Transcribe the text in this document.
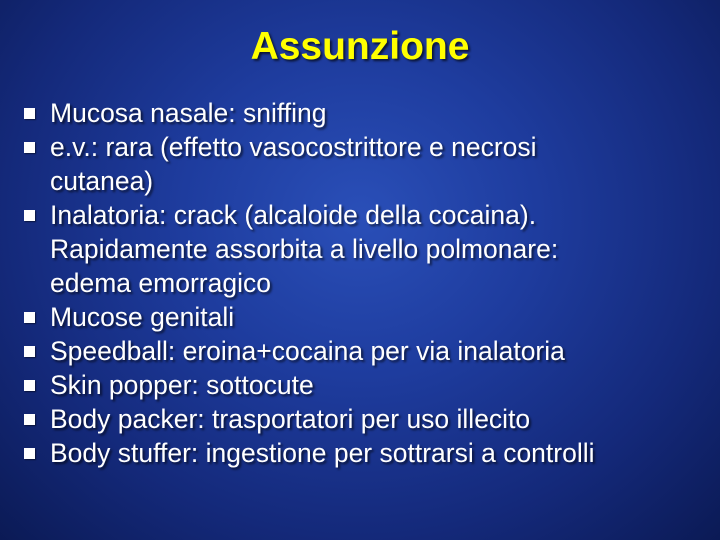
Assunzione
Mucosa nasale: sniffing
e.v.: rara (effetto vasocostrittore e necrosi
cutanea)
Inalatoria: crack (alcaloide della cocaina).
Rapidamente assorbita a livello polmonare:
edema emorragico
Mucose genitali
Speedball: eroina+cocaina per via inalatoria
Skin popper: sottocute
Body packer: trasportatori per uso illecito
Body stuffer: ingestione per sottrarsi a controlli
